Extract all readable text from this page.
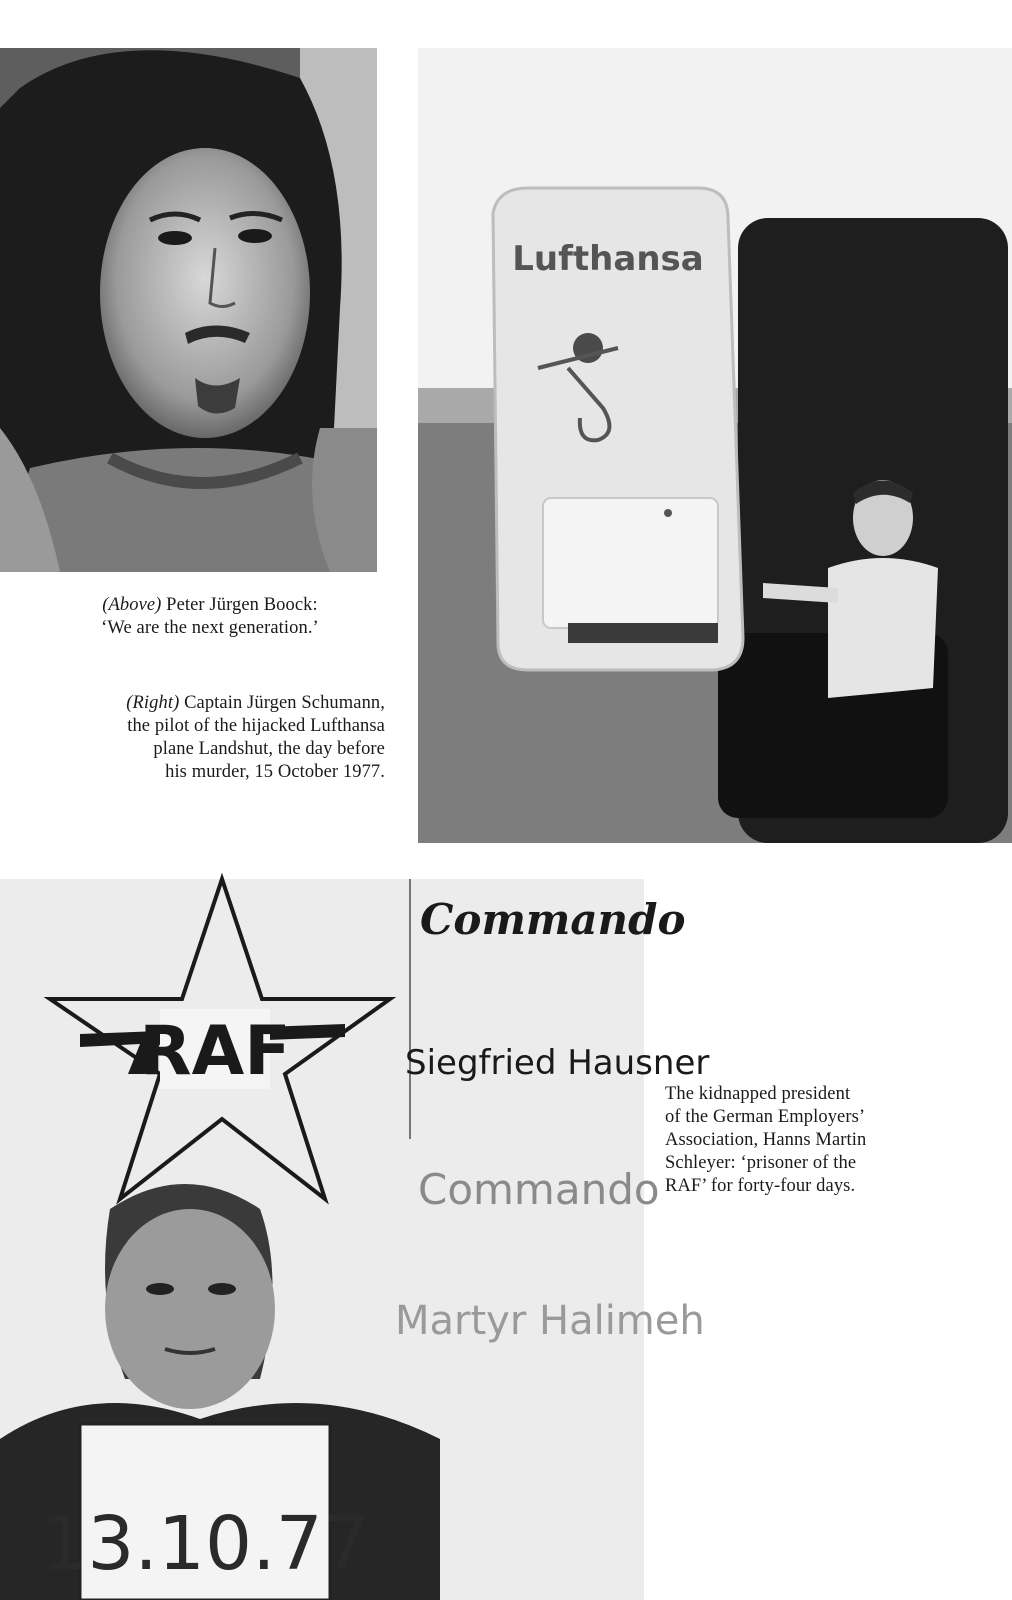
Lufthansa
RAF
Commando
Siegfried Hausner
Commando
Martyr Halimeh
13.10.77

(Above) Peter Jürgen Boock:

‘We are the next generation.’

(Right) Captain Jürgen Schumann,

the pilot of the hijacked Lufthansa

plane Landshut, the day before

his murder, 15 October 1977.

The kidnapped president

of the German Employers’

Association, Hanns Martin

Schleyer: ‘prisoner of the

RAF’ for forty-four days.
